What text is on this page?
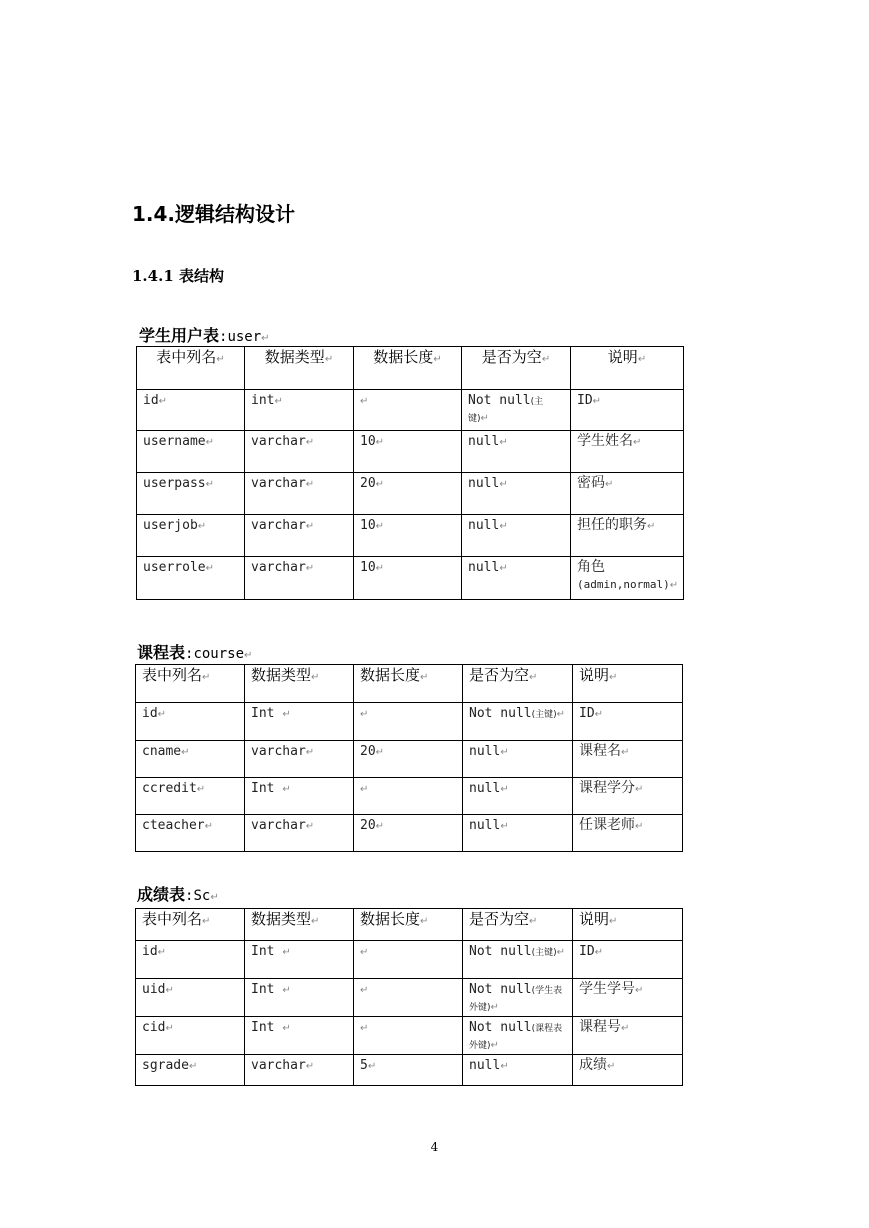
1.4.逻辑结构设计
1.4.1 表结构
学生用户表:user↵
表中列名↵	数据类型↵	数据长度↵	是否为空↵	说明↵
id↵	int↵	↵	Not null(主键)↵	ID↵
username↵	varchar↵	10↵	null↵	学生姓名↵
userpass↵	varchar↵	20↵	null↵	密码↵
userjob↵	varchar↵	10↵	null↵	担任的职务↵
userrole↵	varchar↵	10↵	null↵	角色
(admin,normal)↵
课程表:course↵
表中列名↵	数据类型↵	数据长度↵	是否为空↵	说明↵
id↵	Int ↵	↵	Not null(主键)↵	ID↵
cname↵	varchar↵	20↵	null↵	课程名↵
ccredit↵	Int ↵	↵	null↵	课程学分↵
cteacher↵	varchar↵	20↵	null↵	任课老师↵
成绩表:Sc↵
表中列名↵	数据类型↵	数据长度↵	是否为空↵	说明↵
id↵	Int ↵	↵	Not null(主键)↵	ID↵
uid↵	Int ↵	↵	Not null(学生表外键)↵	学生学号↵
cid↵	Int ↵	↵	Not null(课程表外键)↵	课程号↵
sgrade↵	varchar↵	5↵	null↵	成绩↵
4
